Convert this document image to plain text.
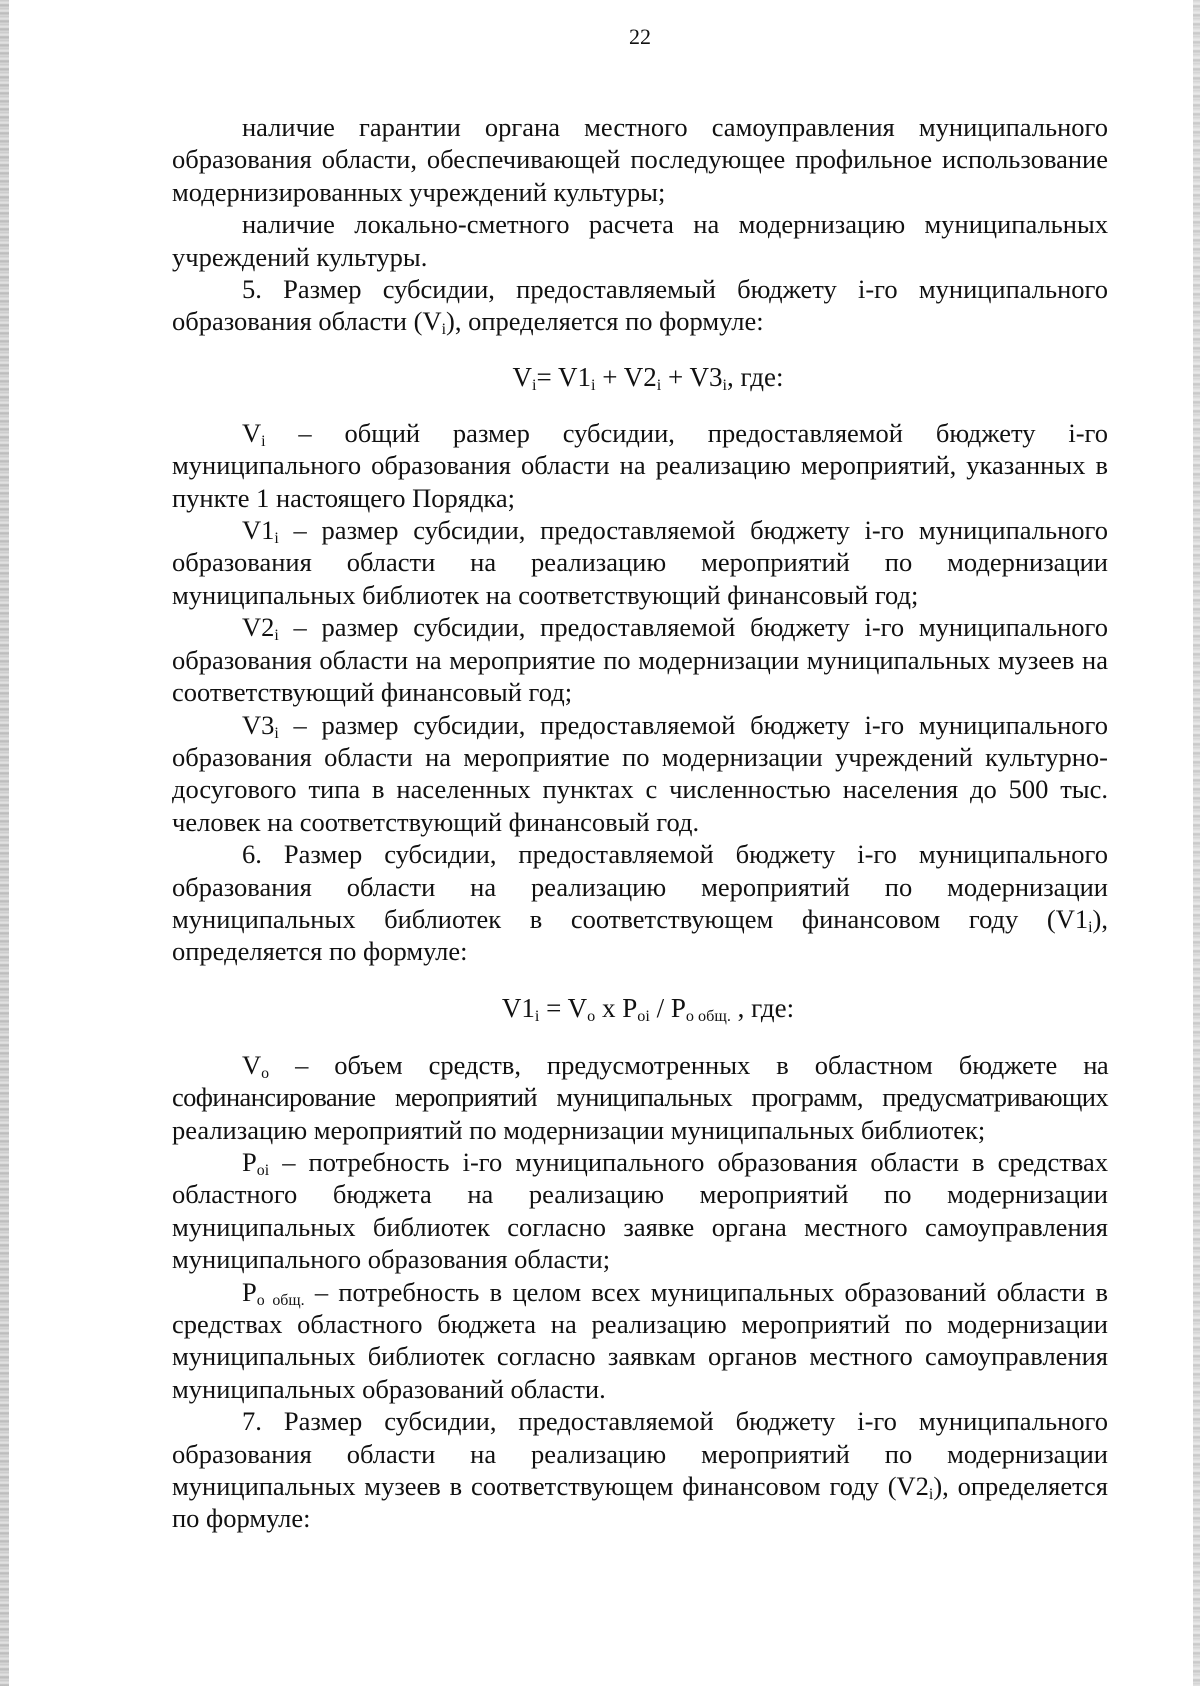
22

наличие гарантии органа местного самоуправления муниципального образования области, обеспечивающей последующее профильное использование модернизированных учреждений культуры;

наличие локально-сметного расчета на модернизацию муниципальных учреждений культуры.

5. Размер субсидии, предоставляемый бюджету i-го муниципального образования области $(V_i)$, определяется по формуле:

$V_i= V1_i + V2_i + V3_i$, где:

$V_i$ – общий размер субсидии, предоставляемой бюджету i-го муниципального образования области на реализацию мероприятий, указанных в пункте 1 настоящего Порядка;

$V1_i$ – размер субсидии, предоставляемой бюджету i-го муниципального образования области на реализацию мероприятий по модернизации муниципальных библиотек на соответствующий финансовый год;

$V2_i$ – размер субсидии, предоставляемой бюджету i-го муниципального образования области на мероприятие по модернизации муниципальных музеев на соответствующий финансовый год;

$V3_i$ – размер субсидии, предоставляемой бюджету i-го муниципального образования области на мероприятие по модернизации учреждений культурно-досугового типа в населенных пунктах с численностью населения до 500 тыс. человек на соответствующий финансовый год.

6. Размер субсидии, предоставляемой бюджету i-го муниципального образования области на реализацию мероприятий по модернизации муниципальных библиотек в соответствующем финансовом году $(V1_i)$, определяется по формуле:

$V1_i = V_о$ x $P_{оi} / P_{о общ.}$ , где:

$V_о$ – объем средств, предусмотренных в областном бюджете на софинансирование мероприятий муниципальных программ, предусматривающих реализацию мероприятий по модернизации муниципальных библиотек;

$P_{оi}$ – потребность i-го муниципального образования области в средствах областного бюджета на реализацию мероприятий по модернизации муниципальных библиотек согласно заявке органа местного самоуправления муниципального образования области;

$P_{о общ.}$ – потребность в целом всех муниципальных образований области в средствах областного бюджета на реализацию мероприятий по модернизации муниципальных библиотек согласно заявкам органов местного самоуправления муниципальных образований области.

7. Размер субсидии, предоставляемой бюджету i-го муниципального образования области на реализацию мероприятий по модернизации муниципальных музеев в соответствующем финансовом году $(V2_i)$, определяется по формуле:
